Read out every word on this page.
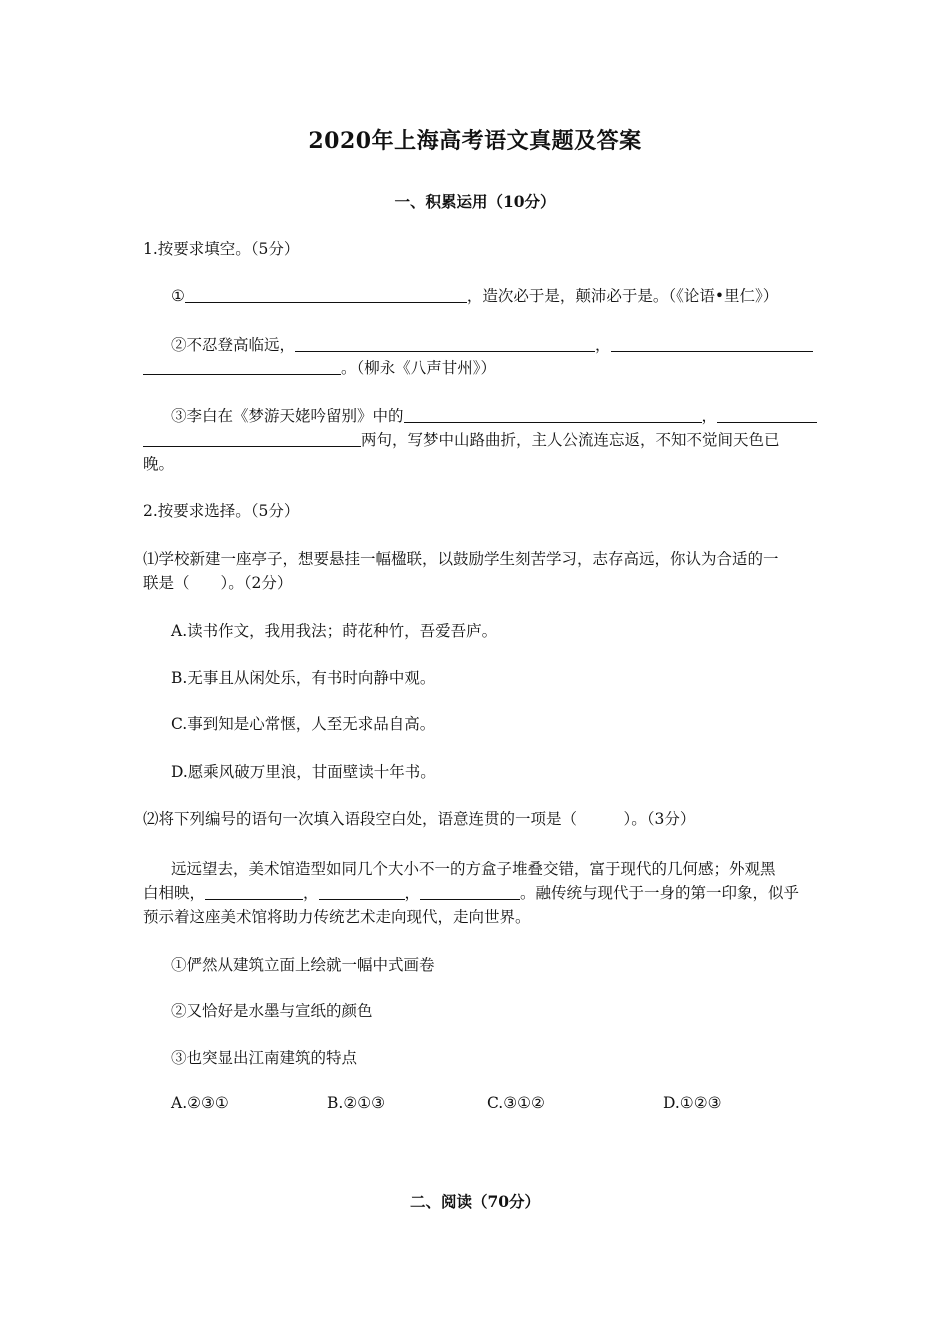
2020年上海高考语文真题及答案
一、积累运用（10分）
1.按要求填空。（5分）
①	，造次必于是，颠沛必于是。（《论语•里仁》）
②不忍登高临远，	，
。（柳永《八声甘州》）
③李白在《梦游天姥吟留别》中的	，
两句，写梦中山路曲折，主人公流连忘返，不知不觉间天色已
晚。
2.按要求选择。（5分）
⑴学校新建一座亭子，想要悬挂一幅楹联，以鼓励学生刻苦学习，志存高远，你认为合适的一
联是（　　）。（2分）
A.读书作文，我用我法；莳花种竹，吾爱吾庐。
B.无事且从闲处乐，有书时向静中观。
C.事到知是心常惬，人至无求品自高。
D.愿乘风破万里浪，甘面壁读十年书。
⑵将下列编号的语句一次填入语段空白处，语意连贯的一项是（　　　）。（3分）
远远望去，美术馆造型如同几个大小不一的方盒子堆叠交错，富于现代的几何感；外观黑
白相映，	，	，	。融传统与现代于一身的第一印象，似乎
预示着这座美术馆将助力传统艺术走向现代，走向世界。
①俨然从建筑立面上绘就一幅中式画卷
②又恰好是水墨与宣纸的颜色
③也突显出江南建筑的特点
A.②③①	B.②①③	C.③①②	D.①②③
二、阅读（70分）
